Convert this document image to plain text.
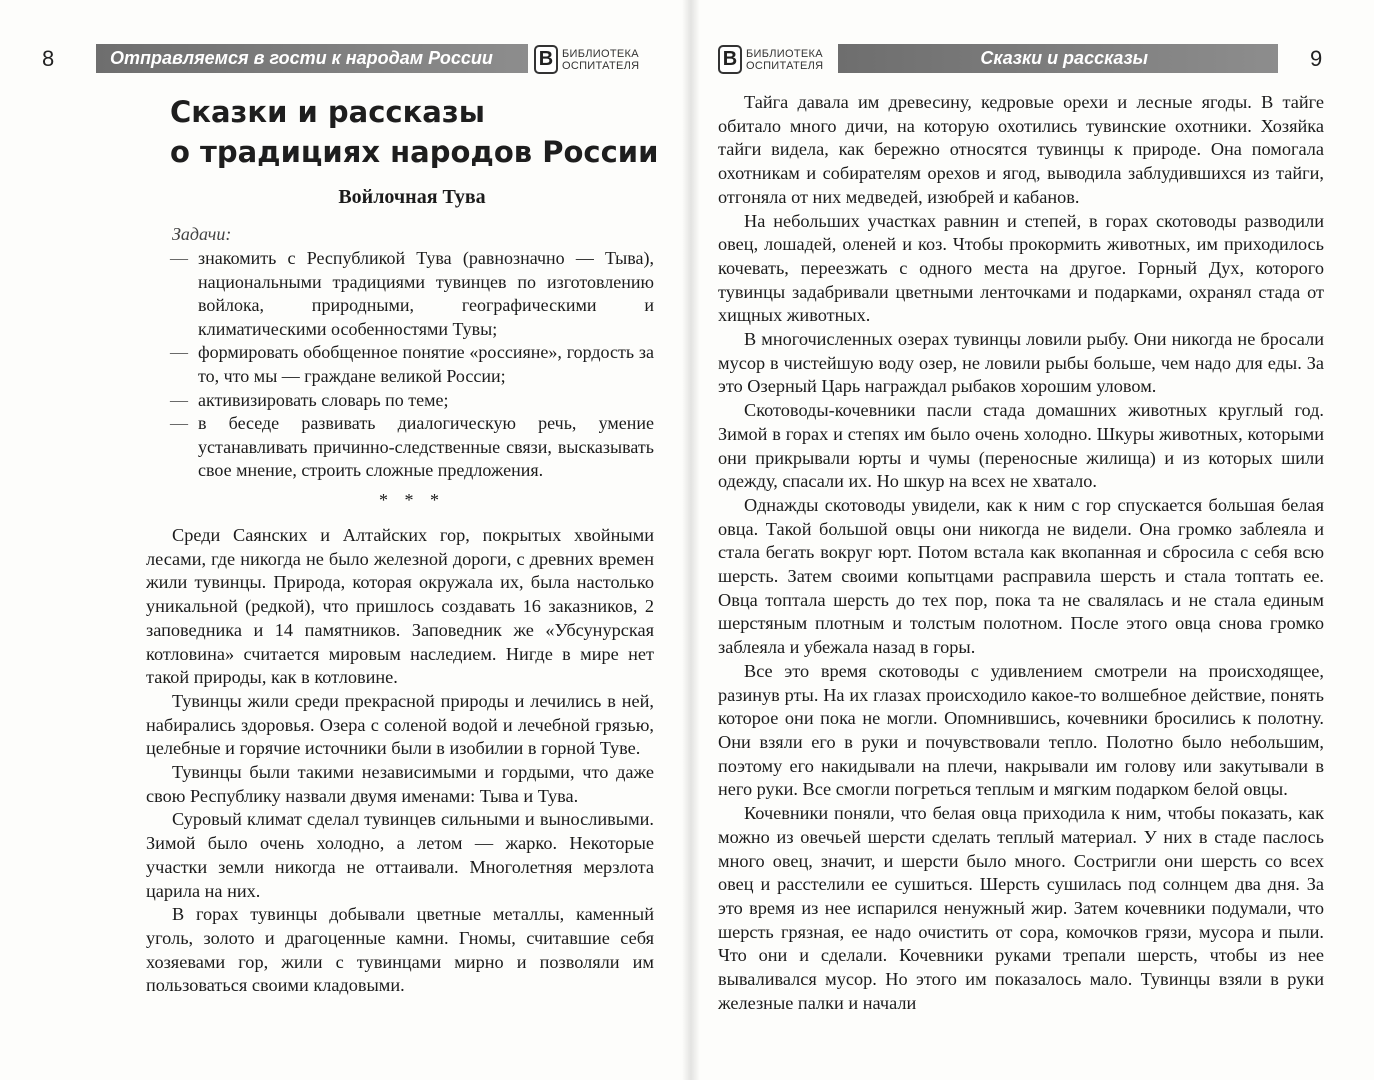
8	Отправляемся в гости к народам России B БИБЛИОТЕКА
ОСПИТАТЕЛЯ
Сказки и рассказы
о традициях народов России
Войлочная Тува
Задачи:
— знакомить с Республикой Тува (равнозначно — Тыва), национальными традициями тувинцев по изготовлению войлока, природными, географическими и климатическими особенностями Тувы;
— формировать обобщенное понятие «россияне», гордость за то, что мы — граждане великой России;
— активизировать словарь по теме;
— в беседе развивать диалогическую речь, умение устанавливать причинно-следственные связи, высказывать свое мнение, строить сложные предложения.
* * *

Среди Саянских и Алтайских гор, покрытых хвойными лесами, где никогда не было железной дороги, с древних времен жили тувинцы. Природа, которая окружала их, была настолько уникальной (редкой), что пришлось создавать 16 заказников, 2 заповедника и 14 памятников. Заповедник же «Убсунурская котловина» считается мировым наследием. Нигде в мире нет такой природы, как в котловине.

Тувинцы жили среди прекрасной природы и лечились в ней, набирались здоровья. Озера с соленой водой и лечебной грязью, целебные и горячие источники были в изобилии в горной Туве.

Тувинцы были такими независимыми и гордыми, что даже свою Республику назвали двумя именами: Тыва и Тува.

Суровый климат сделал тувинцев сильными и выносливыми. Зимой было очень холодно, а летом — жарко. Некоторые участки земли никогда не оттаивали. Многолетняя мерзлота царила на них.

В горах тувинцы добывали цветные металлы, каменный уголь, золото и драгоценные камни. Гномы, считавшие себя хозяевами гор, жили с тувинцами мирно и позволяли им пользоваться своими кладовыми.

B БИБЛИОТЕКА
ОСПИТАТЕЛЯ	Сказки и рассказы	9

Тайга давала им древесину, кедровые орехи и лесные ягоды. В тайге обитало много дичи, на которую охотились тувинские охотники. Хозяйка тайги видела, как бережно относятся тувинцы к природе. Она помогала охотникам и собирателям орехов и ягод, выводила заблудившихся из тайги, отгоняла от них медведей, изюбрей и кабанов.

На небольших участках равнин и степей, в горах скотоводы разводили овец, лошадей, оленей и коз. Чтобы прокормить животных, им приходилось кочевать, переезжать с одного места на другое. Горный Дух, которого тувинцы задабривали цветными ленточками и подарками, охранял стада от хищных животных.

В многочисленных озерах тувинцы ловили рыбу. Они никогда не бросали мусор в чистейшую воду озер, не ловили рыбы больше, чем надо для еды. За это Озерный Царь награждал рыбаков хорошим уловом.

Скотоводы-кочевники пасли стада домашних животных круглый год. Зимой в горах и степях им было очень холодно. Шкуры животных, которыми они прикрывали юрты и чумы (переносные жилища) и из которых шили одежду, спасали их. Но шкур на всех не хватало.

Однажды скотоводы увидели, как к ним с гор спускается большая белая овца. Такой большой овцы они никогда не видели. Она громко заблеяла и стала бегать вокруг юрт. Потом встала как вкопанная и сбросила с себя всю шерсть. Затем своими копытцами расправила шерсть и стала топтать ее. Овца топтала шерсть до тех пор, пока та не свалялась и не стала единым шерстяным плотным и толстым полотном. После этого овца снова громко заблеяла и убежала назад в горы.

Все это время скотоводы с удивлением смотрели на происходящее, разинув рты. На их глазах происходило какое-то волшебное действие, понять которое они пока не могли. Опомнившись, кочевники бросились к полотну. Они взяли его в руки и почувствовали тепло. Полотно было небольшим, поэтому его накидывали на плечи, накрывали им голову или закутывали в него руки. Все смогли погреться теплым и мягким подарком белой овцы.

Кочевники поняли, что белая овца приходила к ним, чтобы показать, как можно из овечьей шерсти сделать теплый материал. У них в стаде паслось много овец, значит, и шерсти было много. Состригли они шерсть со всех овец и расстелили ее сушиться. Шерсть сушилась под солнцем два дня. За это время из нее испарился ненужный жир. Затем кочевники подумали, что шерсть грязная, ее надо очистить от сора, комочков грязи, мусора и пыли. Что они и сделали. Кочевники руками трепали шерсть, чтобы из нее вываливался мусор. Но этого им показалось мало. Тувинцы взяли в руки железные палки и начали
